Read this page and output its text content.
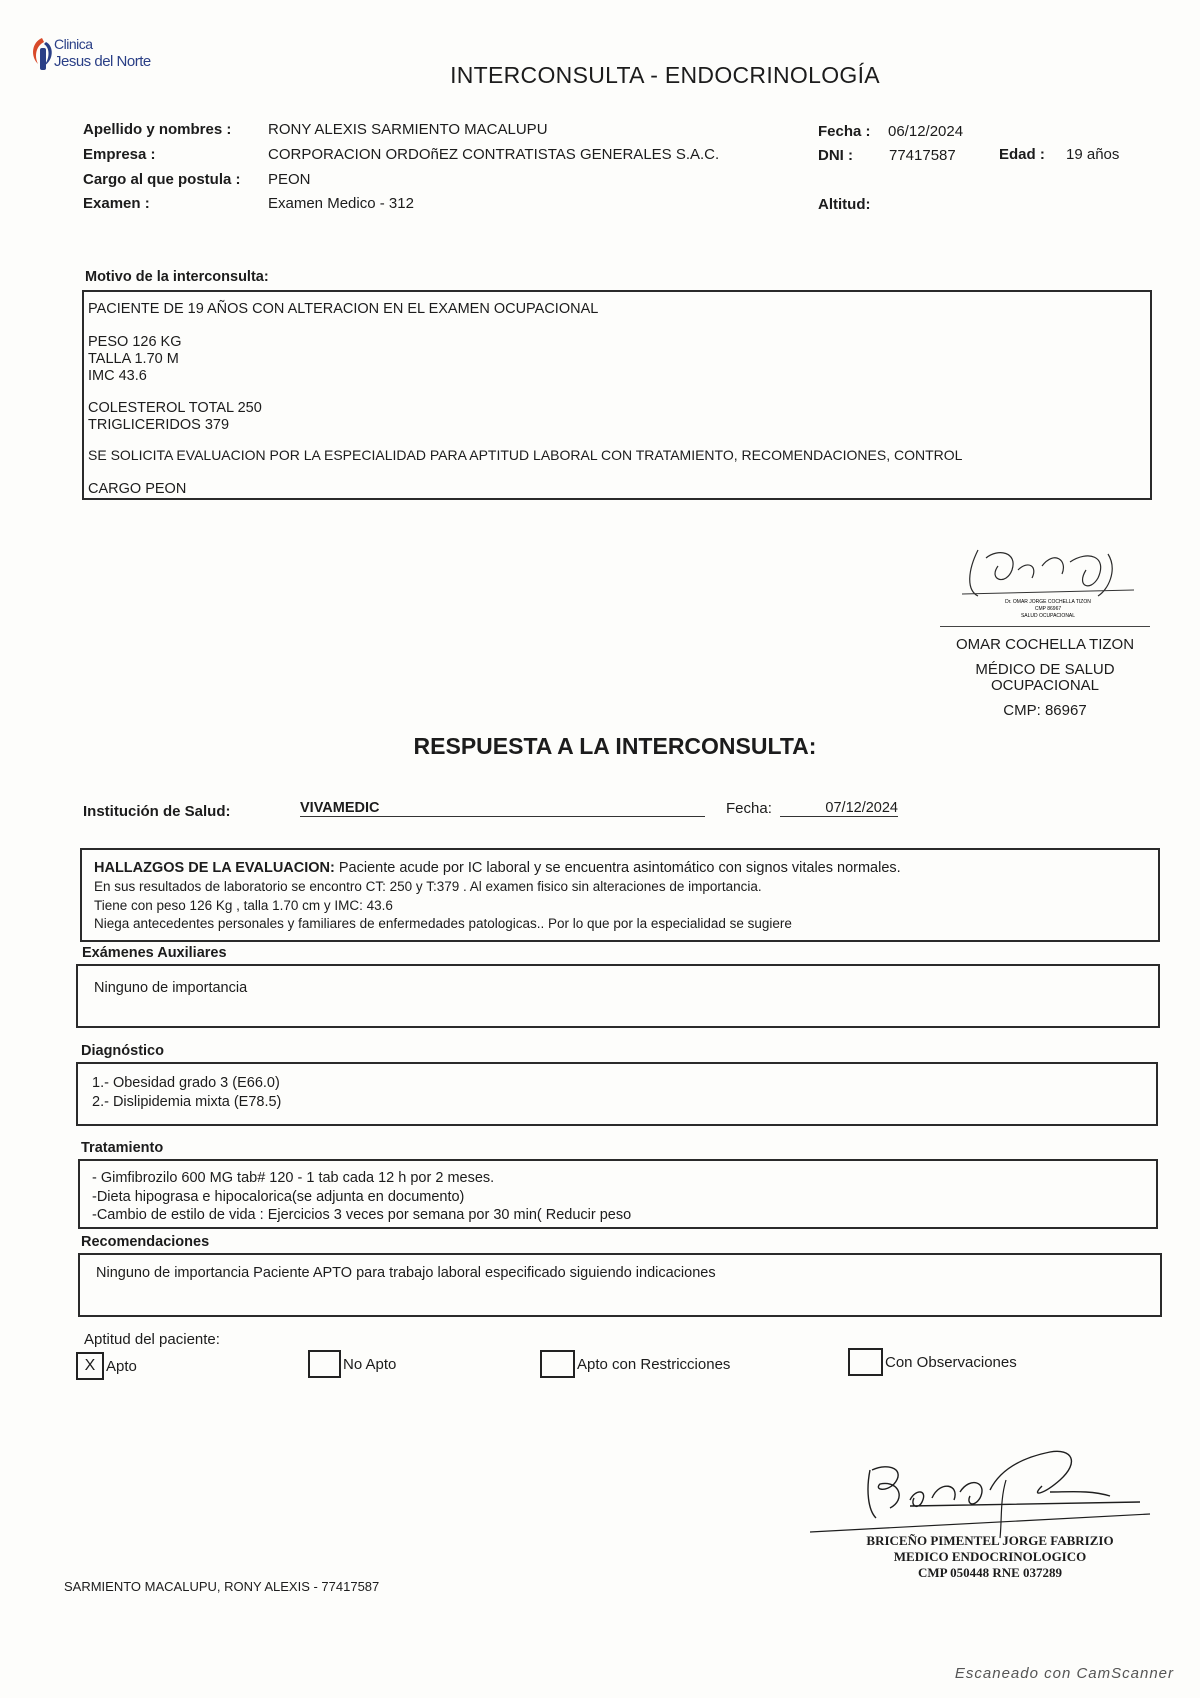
Clinica
Jesus del Norte
INTERCONSULTA - ENDOCRINOLOGÍA
Apellido y nombres : RONY ALEXIS SARMIENTO MACALUPU
Empresa :	CORPORACION ORDOñEZ CONTRATISTAS GENERALES S.A.C.
Cargo al que postula : PEON
Examen :	Examen Medico - 312
Fecha : 06/12/2024
DNI : 77417587	Edad : 19 años
Altitud:
Motivo de la interconsulta:
PACIENTE DE 19 AÑOS CON ALTERACION EN EL EXAMEN OCUPACIONAL
PESO 126 KG
TALLA 1.70 M
IMC 43.6
COLESTEROL TOTAL 250
TRIGLICERIDOS 379
SE SOLICITA EVALUACION POR LA ESPECIALIDAD PARA APTITUD LABORAL CON TRATAMIENTO, RECOMENDACIONES, CONTROL
CARGO PEON
Dr. OMAR JORGE COCHELLA TIZON
CMP 86967
SALUD OCUPACIONAL
OMAR COCHELLA TIZON
MÉDICO DE SALUD
OCUPACIONAL
CMP: 86967
RESPUESTA A LA INTERCONSULTA:
Institución de Salud:	VIVAMEDIC	Fecha:	07/12/2024
HALLAZGOS DE LA EVALUACION: Paciente acude por IC laboral y se encuentra asintomático con signos vitales normales.
En sus resultados de laboratorio se encontro CT: 250 y T:379 . Al examen fisico sin alteraciones de importancia.
Tiene con peso 126 Kg , talla 1.70 cm y IMC: 43.6
Niega antecedentes personales y familiares de enfermedades patologicas.. Por lo que por la especialidad se sugiere
Exámenes Auxiliares
Ninguno de importancia
Diagnóstico
1.- Obesidad grado 3 (E66.0)
2.- Dislipidemia mixta (E78.5)
Tratamiento
- Gimfibrozilo 600 MG tab# 120 - 1 tab cada 12 h por 2 meses.
-Dieta hipograsa e hipocalorica(se adjunta en documento)
-Cambio de estilo de vida : Ejercicios 3 veces por semana por 30 min( Reducir peso
Recomendaciones
Ninguno de importancia Paciente APTO para trabajo laboral especificado siguiendo indicaciones
Aptitud del paciente:
X Apto	No Apto	Apto con Restricciones	Con Observaciones
BRICEÑO PIMENTEL JORGE FABRIZIO
MEDICO ENDOCRINOLOGICO
CMP 050448 RNE 037289
SARMIENTO MACALUPU, RONY ALEXIS - 77417587
Escaneado con CamScanner
